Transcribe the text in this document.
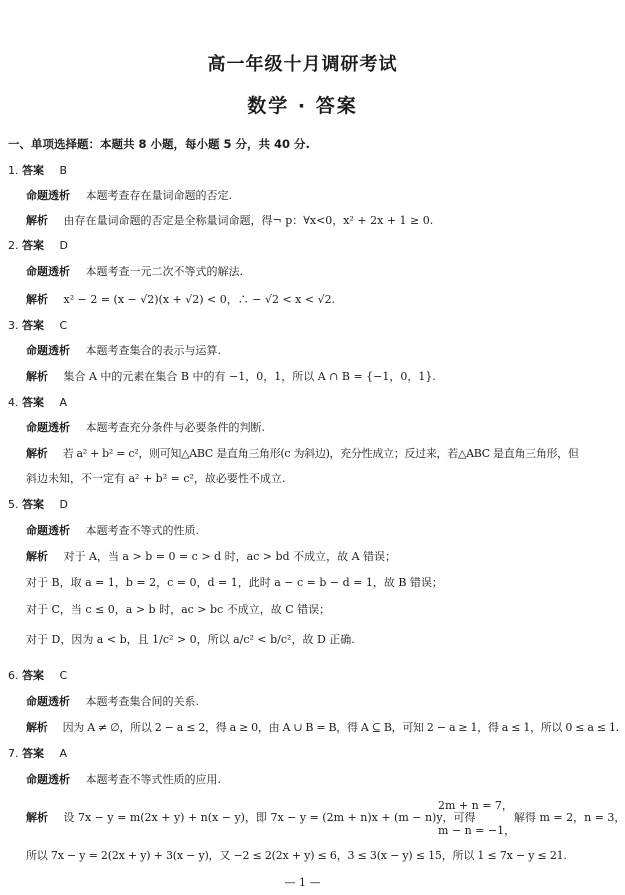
高一年级十月调研考试
数学 · 答案
一、单项选择题：本题共 8 小题，每小题 5 分，共 40 分.
1. 答案 B
命题透析 本题考查存在量词命题的否定.
解析 由存在量词命题的否定是全称量词命题，得¬ p：∀x<0，x² + 2x + 1 ≥ 0.
2. 答案 D
命题透析 本题考查一元二次不等式的解法.
解析 x² − 2 = (x − √2)(x + √2) < 0，∴ − √2 < x < √2.
3. 答案 C
命题透析 本题考查集合的表示与运算.
解析 集合 A 中的元素在集合 B 中的有 −1，0，1，所以 A ∩ B = {−1，0，1}.
4. 答案 A
命题透析 本题考查充分条件与必要条件的判断.
解析 若 a² + b² = c²，则可知△ABC 是直角三角形(c 为斜边)，充分性成立；反过来，若△ABC 是直角三角形，但
斜边未知，不一定有 a² + b² = c²，故必要性不成立.
5. 答案 D
命题透析 本题考查不等式的性质.
解析 对于 A，当 a > b = 0 = c > d 时，ac > bd 不成立，故 A 错误；
对于 B，取 a = 1，b = 2，c = 0，d = 1，此时 a − c = b − d = 1，故 B 错误；
对于 C，当 c ≤ 0，a > b 时，ac > bc 不成立，故 C 错误；
对于 D，因为 a < b，且 1/c² > 0，所以 a/c² < b/c²，故 D 正确.
6. 答案 C
命题透析 本题考查集合间的关系.
解析 因为 A ≠ ∅，所以 2 − a ≤ 2，得 a ≥ 0，由 A ∪ B = B，得 A ⊆ B，可知 2 − a ≥ 1，得 a ≤ 1，所以 0 ≤ a ≤ 1.
7. 答案 A
命题透析 本题考查不等式性质的应用.
解析 设 7x − y = m(2x + y) + n(x − y)，即 7x − y = (2m + n)x + (m − n)y，可得
2m + n = 7，
m − n = −1，
解得 m = 2，n = 3，
所以 7x − y = 2(2x + y) + 3(x − y)，又 −2 ≤ 2(2x + y) ≤ 6，3 ≤ 3(x − y) ≤ 15，所以 1 ≤ 7x − y ≤ 21.
— 1 —
